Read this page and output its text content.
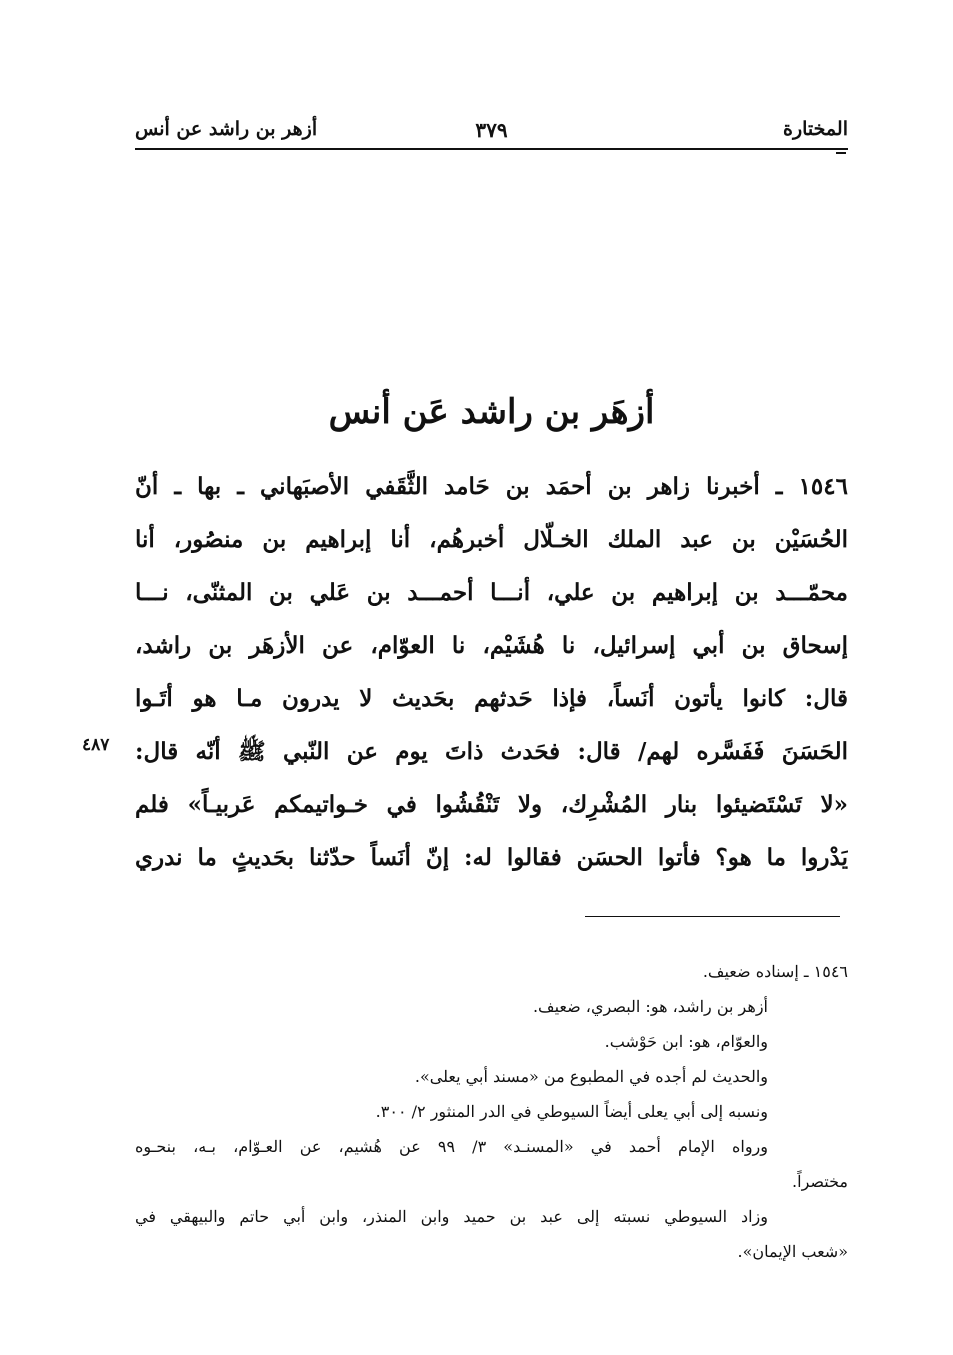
المختارة
٣٧٩
أزهر بن راشد عن أنس
أزهَر بن راشد عَن أنس
١٥٤٦ ـ أخبرنا زاهر بن أحمَد بن حَامد الثَّقَفي الأصبَهاني ـ بها ـ أنّ
الحُسَيْن بن عبد الملك الخـلّال أخبرهُم، أنا إبراهيم بن منصُور، أنا
محمّـــد بن إبراهيم بن علي، أنـــا أحمـــد بن عَلي بن المثنّى، نـــا
إسحاق بن أبي إسرائيل، نا هُشَيْم، نا العوّام، عن الأزهَر بن راشد،
قال: كانوا يأتون أنَساً، فإذا حَدثهم بحَديث لا يدرون مـا هو أتَـوا
الحَسَنَ فَفَسَّره لهم/ قال: فحَدث ذاتَ يوم عن النّبي ﷺ أنّه قال:
«لا تَسْتَضيئوا بنار المُشْرِك، ولا تَنْقُشُوا في خـواتيمكم عَربيـاً» فلم
يَدْروا ما هو؟ فأتوا الحسَن فقالوا له: إنّ أنَساً حدّثنا بحَديثٍ ما ندري
٤٨٧
١٥٤٦ ـ إسناده ضعيف.
أزهر بن راشد، هو: البصري، ضعيف.
والعوّام، هو: ابن حَوْشب.
والحديث لم أجده في المطبوع من «مسند أبي يعلى».
ونسبه إلى أبي يعلى أيضاً السيوطي في الدر المنثور ٢/ ٣٠٠.
ورواه الإمام أحمد في «المسنـد» ٣/ ٩٩ عن هُشيم، عن العـوّام، بـه، بنحـوه
مختصراً.
وزاد السيوطي نسبته إلى عبد بن حميد وابن المنذر، وابن أبي حاتم والبيهقي في
«شعب الإيمان».
